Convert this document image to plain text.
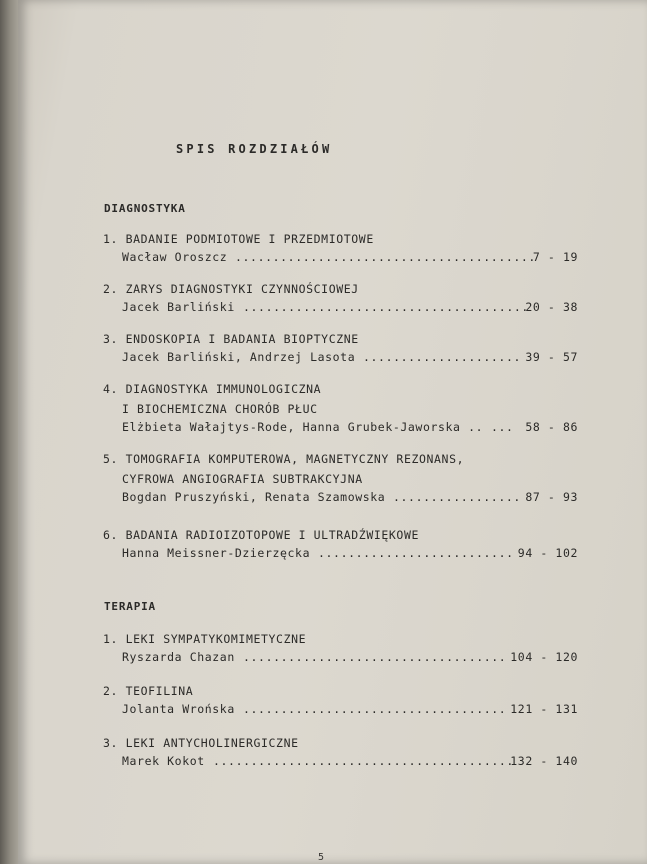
SPIS ROZDZIAŁÓW
DIAGNOSTYKA
1. BADANIE PODMIOTOWE I PRZEDMIOTOWE
Wacław Oroszcz	7 - 19
........................................
2. ZARYS DIAGNOSTYKI CZYNNOŚCIOWEJ
Jacek Barliński	20 - 38
......................................
3. ENDOSKOPIA I BADANIA BIOPTYCZNE
Jacek Barliński, Andrzej Lasota	39 - 57
.....................
4. DIAGNOSTYKA IMMUNOLOGICZNA
I BIOCHEMICZNA CHORÓB PŁUC
Elżbieta Wałajtys-Rode, Hanna Grubek-Jaworska ..	58 - 86
...
5. TOMOGRAFIA KOMPUTEROWA, MAGNETYCZNY REZONANS,
CYFROWA ANGIOGRAFIA SUBTRAKCYJNA
Bogdan Pruszyński, Renata Szamowska	87 - 93
.................
6. BADANIA RADIOIZOTOPOWE I ULTRADŹWIĘKOWE
Hanna Meissner-Dzierzęcka	94 - 102
..........................
TERAPIA
1. LEKI SYMPATYKOMIMETYCZNE
Ryszarda Chazan	104 - 120
...................................
2. TEOFILINA
Jolanta Wrońska	121 - 131
...................................
3. LEKI ANTYCHOLINERGICZNE
Marek Kokot	132 - 140
........................................
5
